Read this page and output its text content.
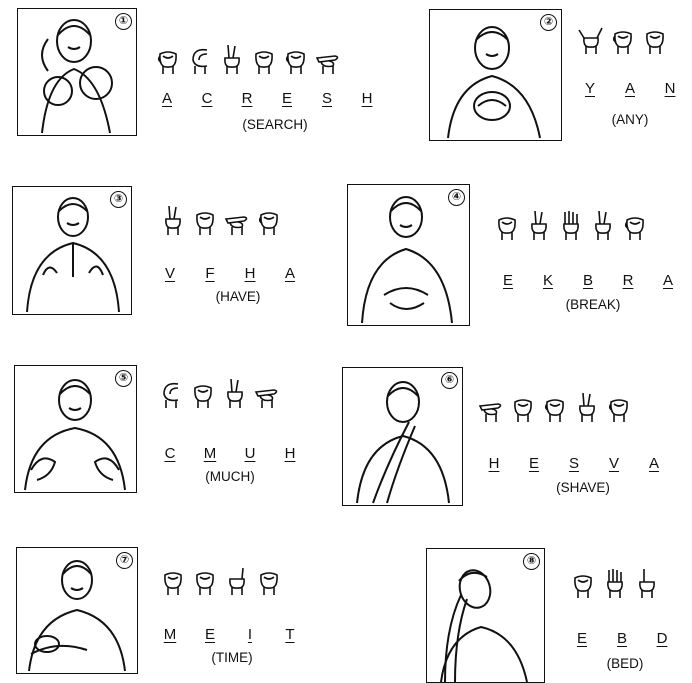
①
A	C	R	E	S	H
(SEARCH)
②
Y	A	N
(ANY)
③
V	F	H	A
(HAVE)
④
E	K	B	R	A
(BREAK)
⑤
C	M	U	H
(MUCH)
⑥
H	E	S	V	A
(SHAVE)
⑦
M	E	I	T
(TIME)
⑧
E	B	D
(BED)
